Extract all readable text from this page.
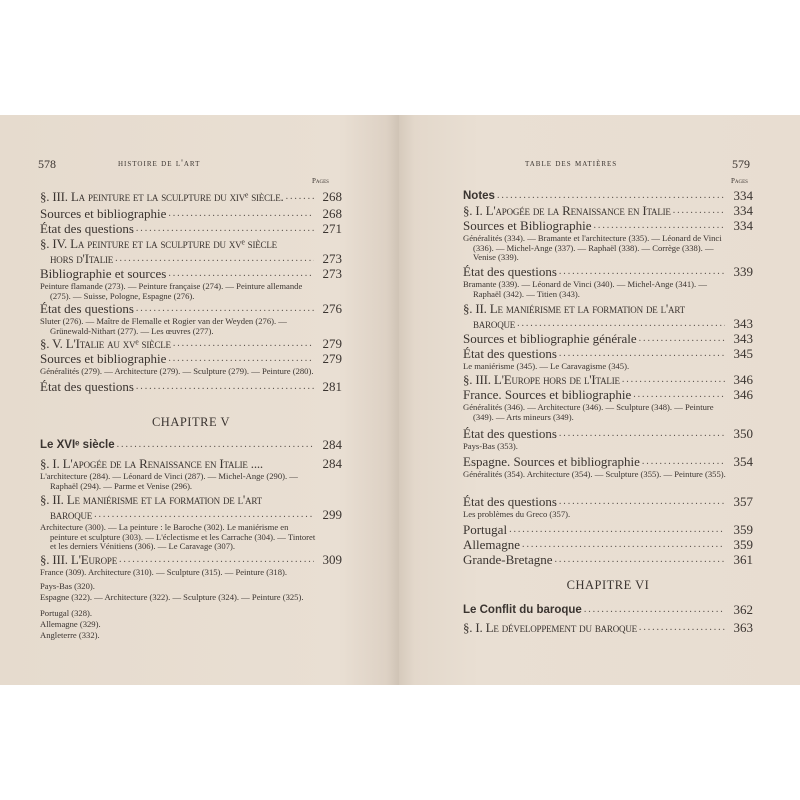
578	histoire de l'art
Pages
§. III. La peinture et la sculpture du xivᵉ siècle. . . .	268
Sources et bibliographie . . .	268
État des questions . . .	271
§. IV. La peinture et la sculpture du xvᵉ siècle
hors d'Italie . . .	273
Bibliographie et sources . . .	273
Peinture flamande (273). — Peinture française (274). — Peinture allemande (275). — Suisse, Pologne, Espagne (276).
État des questions . . .	276
Sluter (276). — Maître de Flemalle et Rogier van der Weyden (276). — Grünewald-Nithart (277). — Les œuvres (277).
§. V. L'Italie au xvᵉ siècle . . .	279
Sources et bibliographie . . .	279
Généralités (279). — Architecture (279). — Sculpture (279). — Peinture (280).
État des questions . . .	281
CHAPITRE V
Le XVIᵉ siècle . . .	284
§. I. L'apogée de la Renaissance en Italie ....	284
L'architecture (284). — Léonard de Vinci (287). — Michel-Ange (290). — Raphaël (294). — Parme et Venise (296).
§. II. Le maniérisme et la formation de l'art
baroque . . .	299
Architecture (300). — La peinture : le Baroche (302). Le maniérisme en peinture et sculpture (303). — L'éclectisme et les Carrache (304). — Tintoret et les derniers Vénitiens (306). — Le Caravage (307).
§. III. L'Europe . . .	309
France (309). Architecture (310). — Sculpture (315). — Peinture (318).
Pays-Bas (320).
Espagne (322). — Architecture (322). — Sculpture (324). — Peinture (325).
Portugal (328).
Allemagne (329).
Angleterre (332).
table des matières	579
Pages
Notes . . .	334
§. I. L'apogée de la Renaissance en Italie . . .	334
Sources et Bibliographie . . .	334
Généralités (334). — Bramante et l'architecture (335). — Léonard de Vinci (336). — Michel-Ange (337). — Raphaël (338). — Corrège (338). — Venise (339).
État des questions . . .	339
Bramante (339). — Léonard de Vinci (340). — Michel-Ange (341). — Raphaël (342). — Titien (343).
§. II. Le maniérisme et la formation de l'art
baroque . . .	343
Sources et bibliographie générale . . .	343
État des questions . . .	345
Le maniérisme (345). — Le Caravagisme (345).
§. III. L'Europe hors de l'Italie . . .	346
France. Sources et bibliographie . . .	346
Généralités (346). — Architecture (346). — Sculpture (348). — Peinture (349). — Arts mineurs (349).
État des questions . . .	350
Pays-Bas (353).
Espagne. Sources et bibliographie . . .	354
Généralités (354). Architecture (354). — Sculpture (355). — Peinture (355).
État des questions . . .	357
Les problèmes du Greco (357).
Portugal . . .	359
Allemagne . . .	359
Grande-Bretagne . . .	361
CHAPITRE VI
Le Conflit du baroque . . .	362
§. I. Le développement du baroque . . .	363
